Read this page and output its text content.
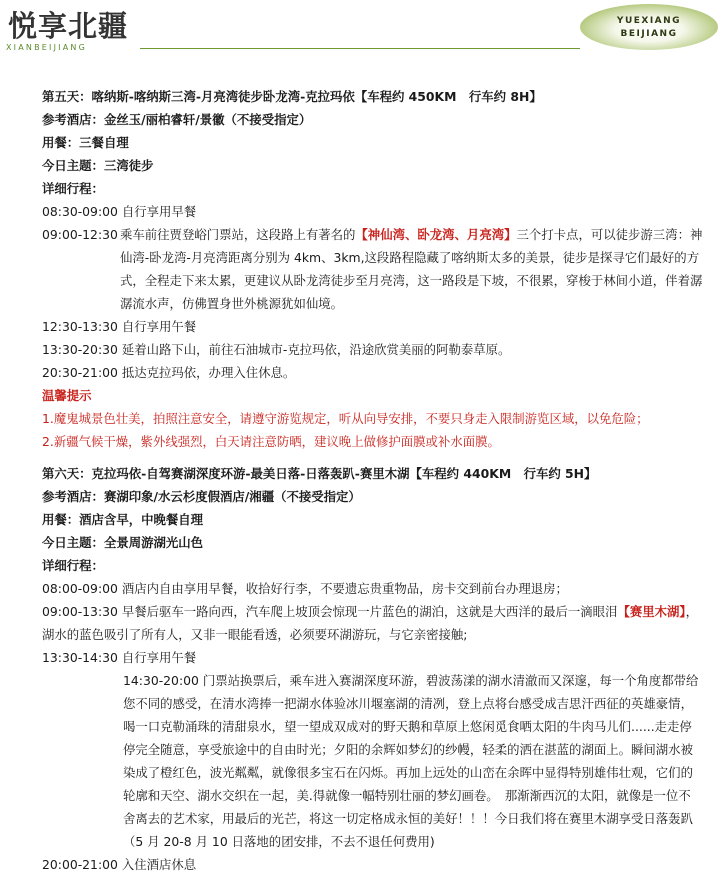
悦享北疆
XIANBEIJIANG
YUEXIANG
BEIJIANG
第五天：喀纳斯-喀纳斯三湾-月亮湾徒步卧龙湾-克拉玛依【车程约 450KM　行车约 8H】
参考酒店：金丝玉/丽柏睿轩/景徽（不接受指定）
用餐：三餐自理
今日主题：三湾徒步
详细行程：
08:30-09:00 自行享用早餐
09:00-12:30 乘车前往贾登峪门票站，这段路上有著名的【神仙湾、卧龙湾、月亮湾】三个打卡点，可以徒步游三湾：神仙湾-卧龙湾-月亮湾距离分别为 4km、3km,这段路程隐藏了喀纳斯太多的美景，徒步是探寻它们最好的方式，全程走下来太累，更建议从卧龙湾徒步至月亮湾，这一路段是下坡，不很累，穿梭于林间小道，伴着潺潺流水声，仿佛置身世外桃源犹如仙境。
12:30-13:30 自行享用午餐
13:30-20:30 延着山路下山，前往石油城市-克拉玛依，沿途欣赏美丽的阿勒泰草原。
20:30-21:00 抵达克拉玛依，办理入住休息。
温馨提示
1.魔鬼城景色壮美，拍照注意安全，请遵守游览规定，听从向导安排，不要只身走入限制游览区域，以免危险；
2.新疆气候干燥，紫外线强烈，白天请注意防晒，建议晚上做修护面膜或补水面膜。
第六天：克拉玛依-自驾赛湖深度环游-最美日落-日落轰趴-赛里木湖【车程约 440KM　行车约 5H】
参考酒店：赛湖印象/水云杉度假酒店/湘疆（不接受指定）
用餐：酒店含早，中晚餐自理
今日主题：全景周游湖光山色
详细行程：
08:00-09:00 酒店内自由享用早餐，收拾好行李，不要遗忘贵重物品，房卡交到前台办理退房；
09:00-13:30 早餐后驱车一路向西，汽车爬上坡顶会惊现一片蓝色的湖泊，这就是大西洋的最后一滴眼泪【赛里木湖】，湖水的蓝色吸引了所有人，又非一眼能看透，必须要环湖游玩，与它亲密接触;
13:30-14:30 自行享用午餐
14:30-20:00 门票站换票后，乘车进入赛湖深度环游，碧波荡漾的湖水清澈而又深邃，每一个角度都带给您不同的感受，在清水湾捧一把湖水体验冰川堰塞湖的清冽，登上点将台感受成吉思汗西征的英雄豪情，喝一口克勒涌珠的清甜泉水，望一望成双成对的野天鹅和草原上悠闲觅食哂太阳的牛肉马儿们......走走停停完全随意，享受旅途中的自由时光；夕阳的余辉如梦幻的纱幔，轻柔的洒在湛蓝的湖面上。瞬间湖水被染成了橙红色，波光粼粼，就像很多宝石在闪烁。再加上远处的山峦在余晖中显得特别雄伟壮观，它们的轮廓和天空、湖水交织在一起，美.得就像一幅特别壮丽的梦幻画卷。　那渐渐西沉的太阳，就像是一位不舍离去的艺术家，用最后的光芒，将这一切定格成永恒的美好！！！今日我们将在赛里木湖享受日落轰趴（5 月 20-8 月 10 日落地的团安排，不去不退任何费用)
20:00-21:00 入住酒店休息
